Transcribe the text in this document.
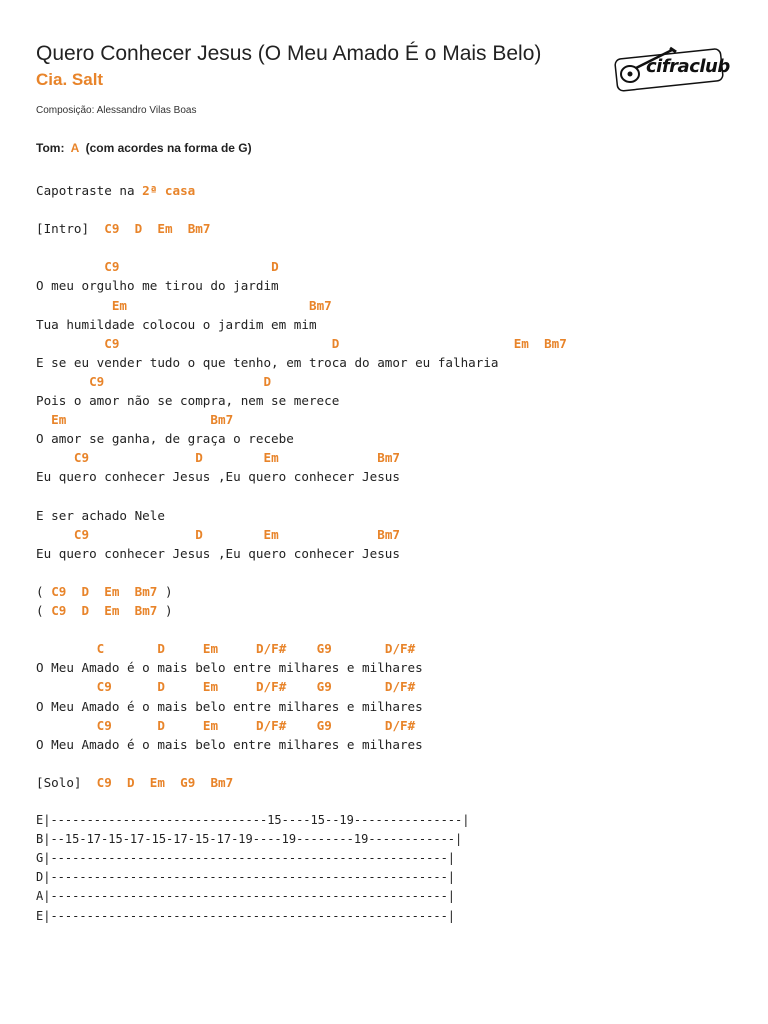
Quero Conhecer Jesus (O Meu Amado É o Mais Belo)
Cia. Salt
Composição: Alessandro Vilas Boas
Tom: A (com acordes na forma de G)
cifraclub
Capotraste na 2ª casa
[Intro]  C9 D Em Bm7
C9	D
O meu orgulho me tirou do jardim
Em	Bm7
Tua humildade colocou o jardim em mim
C9	D	Em Bm7
E se eu vender tudo o que tenho, em troca do amor eu falharia
C9	D
Pois o amor não se compra, nem se merece
Em	Bm7
O amor se ganha, de graça o recebe
C9	D	Em	Bm7
Eu quero conhecer Jesus ,Eu quero conhecer Jesus
E ser achado Nele
C9	D	Em	Bm7
Eu quero conhecer Jesus ,Eu quero conhecer Jesus
( C9 D Em Bm7 )
( C9 D Em Bm7 )
C	D	Em	D/F# G9	D/F#
O Meu Amado é o mais belo entre milhares e milhares
C9	D	Em	D/F# G9	D/F#
O Meu Amado é o mais belo entre milhares e milhares
C9	D	Em	D/F# G9	D/F#
O Meu Amado é o mais belo entre milhares e milhares
[Solo]  C9 D Em G9 Bm7
E|------------------------------15----15--19---------------|
B|--15-17-15-17-15-17-15-17-19----19--------19------------|
G|-------------------------------------------------------|
D|-------------------------------------------------------|
A|-------------------------------------------------------|
E|-------------------------------------------------------|
